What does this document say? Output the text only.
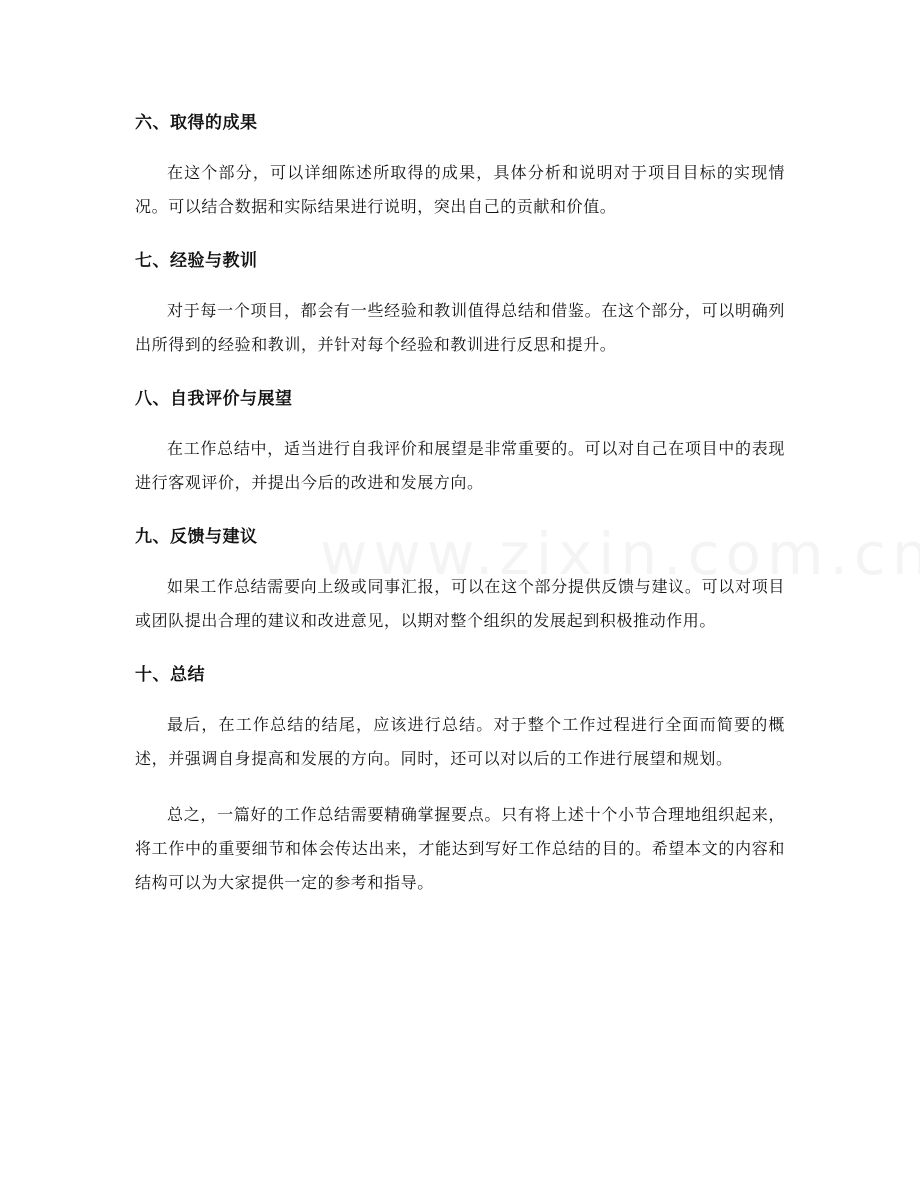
六、取得的成果

在这个部分，可以详细陈述所取得的成果，具体分析和说明对于项目目标的实现情况。可以结合数据和实际结果进行说明，突出自己的贡献和价值。

七、经验与教训

对于每一个项目，都会有一些经验和教训值得总结和借鉴。在这个部分，可以明确列出所得到的经验和教训，并针对每个经验和教训进行反思和提升。

八、自我评价与展望

在工作总结中，适当进行自我评价和展望是非常重要的。可以对自己在项目中的表现进行客观评价，并提出今后的改进和发展方向。

九、反馈与建议

如果工作总结需要向上级或同事汇报，可以在这个部分提供反馈与建议。可以对项目或团队提出合理的建议和改进意见，以期对整个组织的发展起到积极推动作用。

十、总结

最后，在工作总结的结尾，应该进行总结。对于整个工作过程进行全面而简要的概述，并强调自身提高和发展的方向。同时，还可以对以后的工作进行展望和规划。

总之，一篇好的工作总结需要精确掌握要点。只有将上述十个小节合理地组织起来，将工作中的重要细节和体会传达出来，才能达到写好工作总结的目的。希望本文的内容和结构可以为大家提供一定的参考和指导。
